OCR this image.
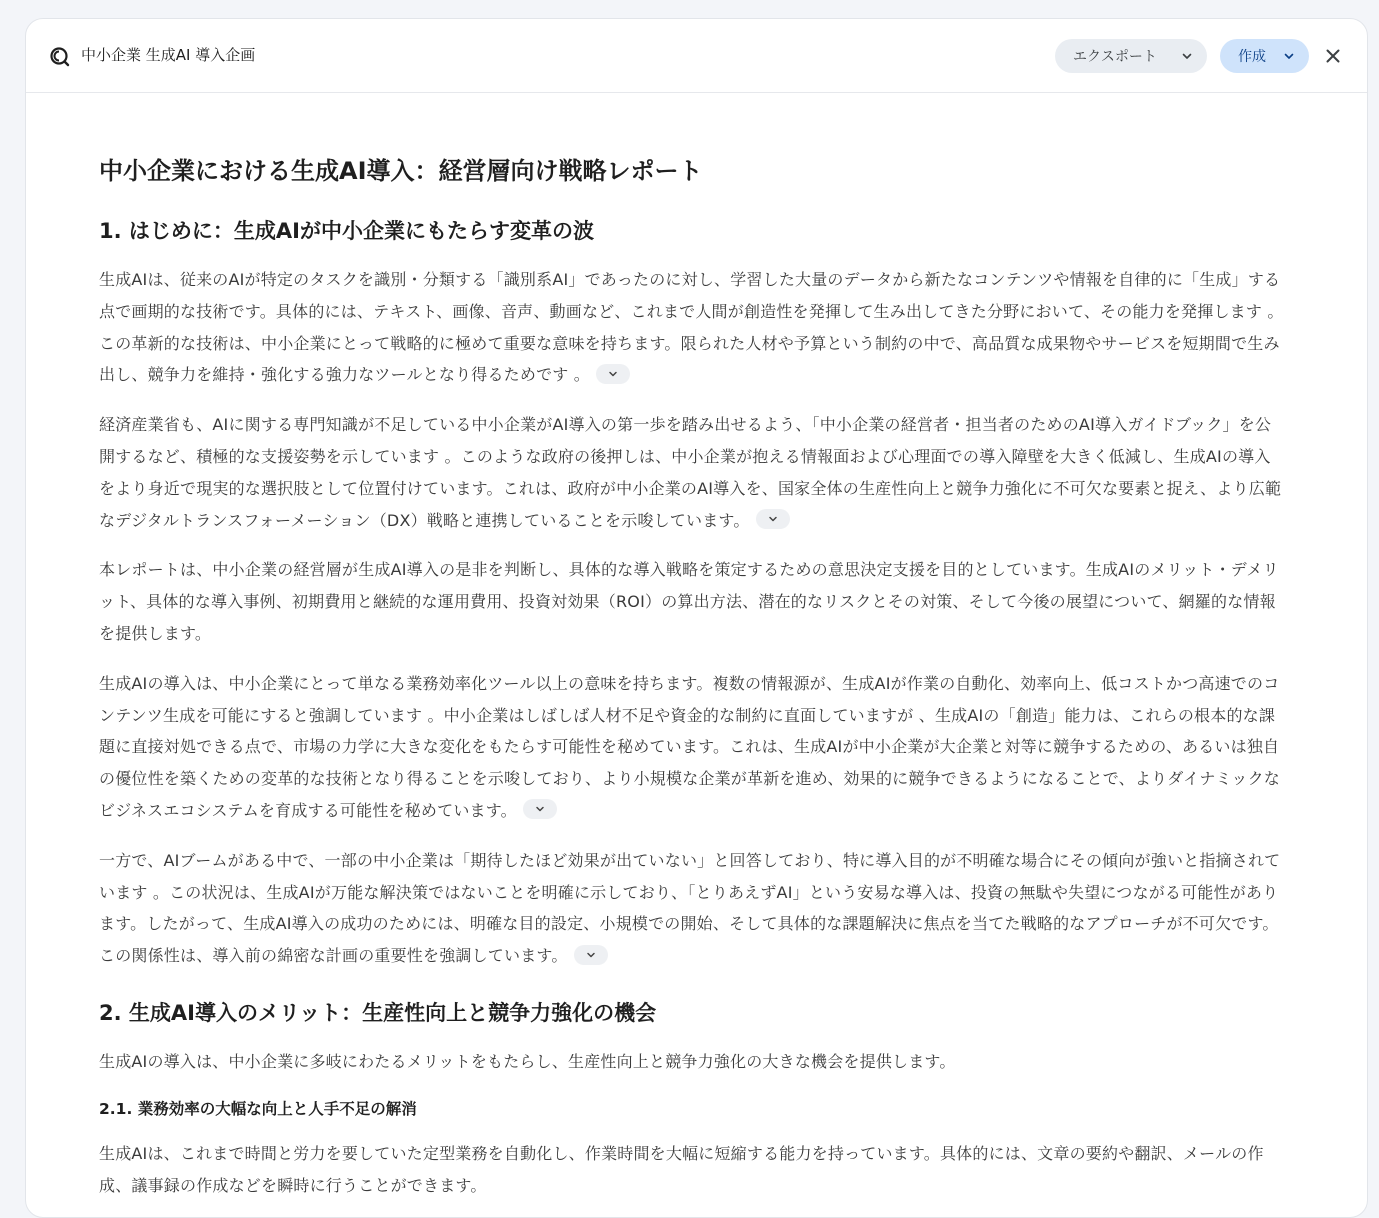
中小企業 生成AI 導入企画	エクスポート	作成
中小企業における生成AI導入：経営層向け戦略レポート
1. はじめに：生成AIが中小企業にもたらす変革の波

生成AIは、従来のAIが特定のタスクを識別・分類する「識別系AI」であったのに対し、学習した大量のデータから新たなコンテンツや情報を自律的に「生成」する点で画期的な技術です。具体的には、テキスト、画像、音声、動画など、これまで人間が創造性を発揮して生み出してきた分野において、その能力を発揮します 。この革新的な技術は、中小企業にとって戦略的に極めて重要な意味を持ちます。限られた人材や予算という制約の中で、高品質な成果物やサービスを短期間で生み出し、競争力を維持・強化する強力なツールとなり得るためです 。

経済産業省も、AIに関する専門知識が不足している中小企業がAI導入の第一歩を踏み出せるよう、「中小企業の経営者・担当者のためのAI導入ガイドブック」を公開するなど、積極的な支援姿勢を示しています 。このような政府の後押しは、中小企業が抱える情報面および心理面での導入障壁を大きく低減し、生成AIの導入をより身近で現実的な選択肢として位置付けています。これは、政府が中小企業のAI導入を、国家全体の生産性向上と競争力強化に不可欠な要素と捉え、より広範なデジタルトランスフォーメーション（DX）戦略と連携していることを示唆しています。

本レポートは、中小企業の経営層が生成AI導入の是非を判断し、具体的な導入戦略を策定するための意思決定支援を目的としています。生成AIのメリット・デメリット、具体的な導入事例、初期費用と継続的な運用費用、投資対効果（ROI）の算出方法、潜在的なリスクとその対策、そして今後の展望について、網羅的な情報を提供します。

生成AIの導入は、中小企業にとって単なる業務効率化ツール以上の意味を持ちます。複数の情報源が、生成AIが作業の自動化、効率向上、低コストかつ高速でのコンテンツ生成を可能にすると強調しています 。中小企業はしばしば人材不足や資金的な制約に直面していますが 、生成AIの「創造」能力は、これらの根本的な課題に直接対処できる点で、市場の力学に大きな変化をもたらす可能性を秘めています。これは、生成AIが中小企業が大企業と対等に競争するための、あるいは独自の優位性を築くための変革的な技術となり得ることを示唆しており、より小規模な企業が革新を進め、効果的に競争できるようになることで、よりダイナミックなビジネスエコシステムを育成する可能性を秘めています。

一方で、AIブームがある中で、一部の中小企業は「期待したほど効果が出ていない」と回答しており、特に導入目的が不明確な場合にその傾向が強いと指摘されています 。この状況は、生成AIが万能な解決策ではないことを明確に示しており、「とりあえずAI」という安易な導入は、投資の無駄や失望につながる可能性があります。したがって、生成AI導入の成功のためには、明確な目的設定、小規模での開始、そして具体的な課題解決に焦点を当てた戦略的なアプローチが不可欠です。この関係性は、導入前の綿密な計画の重要性を強調しています。

2. 生成AI導入のメリット：生産性向上と競争力強化の機会

生成AIの導入は、中小企業に多岐にわたるメリットをもたらし、生産性向上と競争力強化の大きな機会を提供します。

2.1. 業務効率の大幅な向上と人手不足の解消

生成AIは、これまで時間と労力を要していた定型業務を自動化し、作業時間を大幅に短縮する能力を持っています。具体的には、文章の要約や翻訳、メールの作成、議事録の作成などを瞬時に行うことができます。
